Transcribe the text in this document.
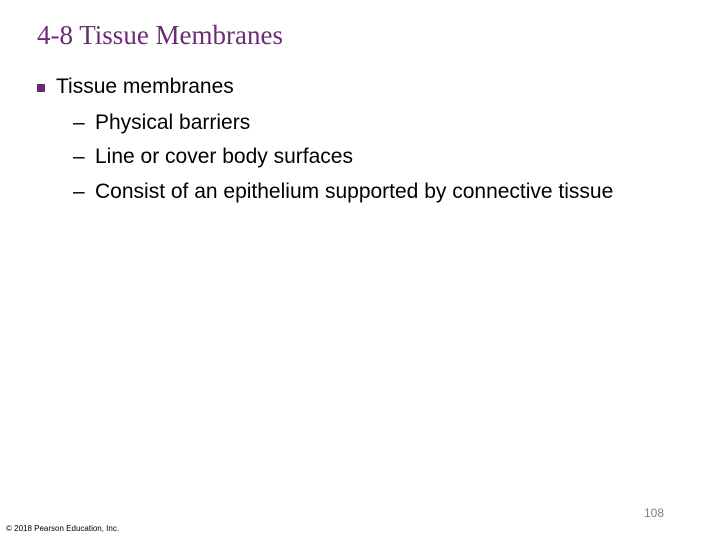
4-8 Tissue Membranes
Tissue membranes
– Physical barriers
– Line or cover body surfaces
– Consist of an epithelium supported by connective tissue
108
© 2018 Pearson Education, Inc.
